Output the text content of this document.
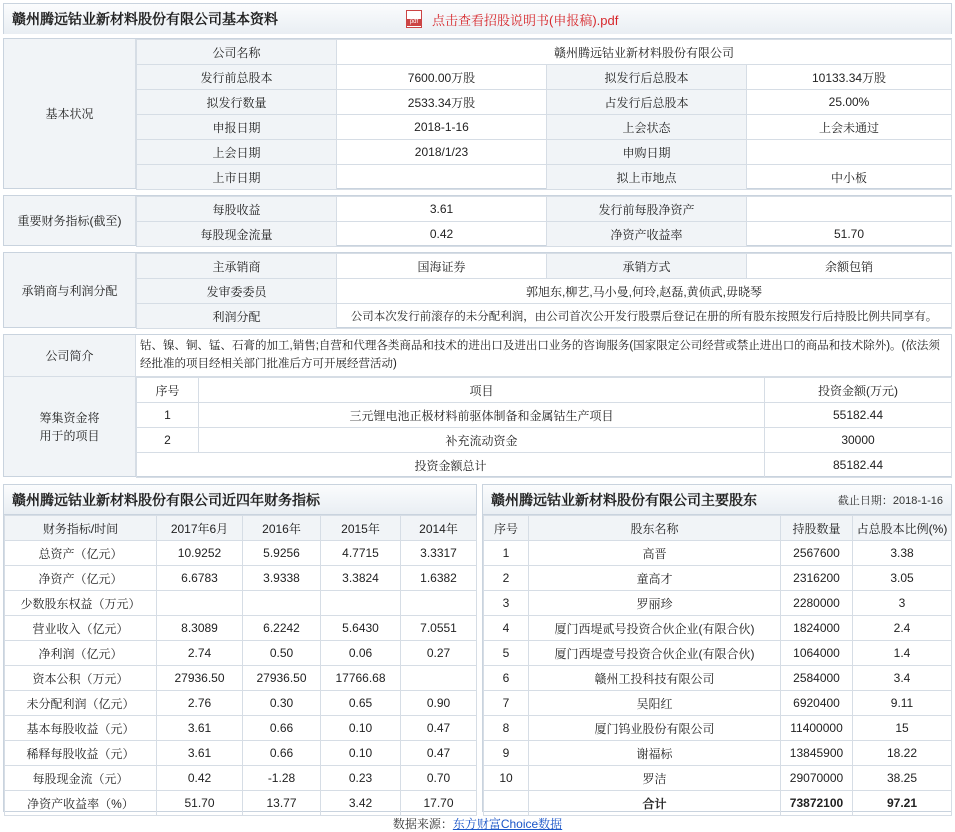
赣州腾远钴业新材料股份有限公司基本资料 pdf	点击查看招股说明书(申报稿).pdf
基本状况
公司名称	赣州腾远钴业新材料股份有限公司		
发行前总股本	7600.00万股	拟发行后总股本	10133.34万股
拟发行数量	2533.34万股	占发行后总股本	25.00%
申报日期	2018-1-16	上会状态	上会未通过
上会日期	2018/1/23	申购日期	
上市日期		拟上市地点	中小板
重要财务指标(截至)
每股收益	3.61	发行前每股净资产	
每股现金流量	0.42	净资产收益率	51.70
承销商与利润分配
主承销商	国海证券	承销方式	余额包销
发审委委员	郭旭东,柳艺,马小曼,何玲,赵磊,黄侦武,毋晓琴		
利润分配	公司本次发行前滚存的未分配利润，由公司首次公开发行股票后登记在册的所有股东按照发行后持股比例共同享有。		
公司简介
钴、镍、铜、锰、石膏的加工,销售;自营和代理各类商品和技术的进出口及进出口业务的咨询服务(国家限定公司经营或禁止进出口的商品和技术除外)。(依法须经批准的项目经相关部门批准后方可开展经营活动)
筹集资金将用于的项目
序号	项目	投资金额(万元)
1	三元锂电池正极材料前驱体制备和金属钴生产项目	55182.44
2	补充流动资金	30000
投资金额总计		85182.44
赣州腾远钴业新材料股份有限公司近四年财务指标
财务指标/时间	2017年6月	2016年	2015年	2014年
总资产（亿元）	10.9252	5.9256	4.7715	3.3317
净资产（亿元）	6.6783	3.9338	3.3824	1.6382
少数股东权益（万元）				
营业收入（亿元）	8.3089	6.2242	5.6430	7.0551
净利润（亿元）	2.74	0.50	0.06	0.27
资本公积（万元）	27936.50	27936.50	17766.68	
未分配利润（亿元）	2.76	0.30	0.65	0.90
基本每股收益（元）	3.61	0.66	0.10	0.47
稀释每股收益（元）	3.61	0.66	0.10	0.47
每股现金流（元）	0.42	-1.28	0.23	0.70
净资产收益率（%）	51.70	13.77	3.42	17.70
赣州腾远钴业新材料股份有限公司主要股东	截止日期：2018-1-16
序号	股东名称	持股数量	占总股本比例(%)
1	高晋	2567600	3.38
2	童高才	2316200	3.05
3	罗丽珍	2280000	3
4	厦门西堤贰号投资合伙企业(有限合伙)	1824000	2.4
5	厦门西堤壹号投资合伙企业(有限合伙)	1064000	1.4
6	赣州工投科技有限公司	2584000	3.4
7	吴阳红	6920400	9.11
8	厦门钨业股份有限公司	11400000	15
9	谢福标	13845900	18.22
10	罗洁	29070000	38.25
	合计	73872100	97.21
数据来源：东方财富Choice数据
